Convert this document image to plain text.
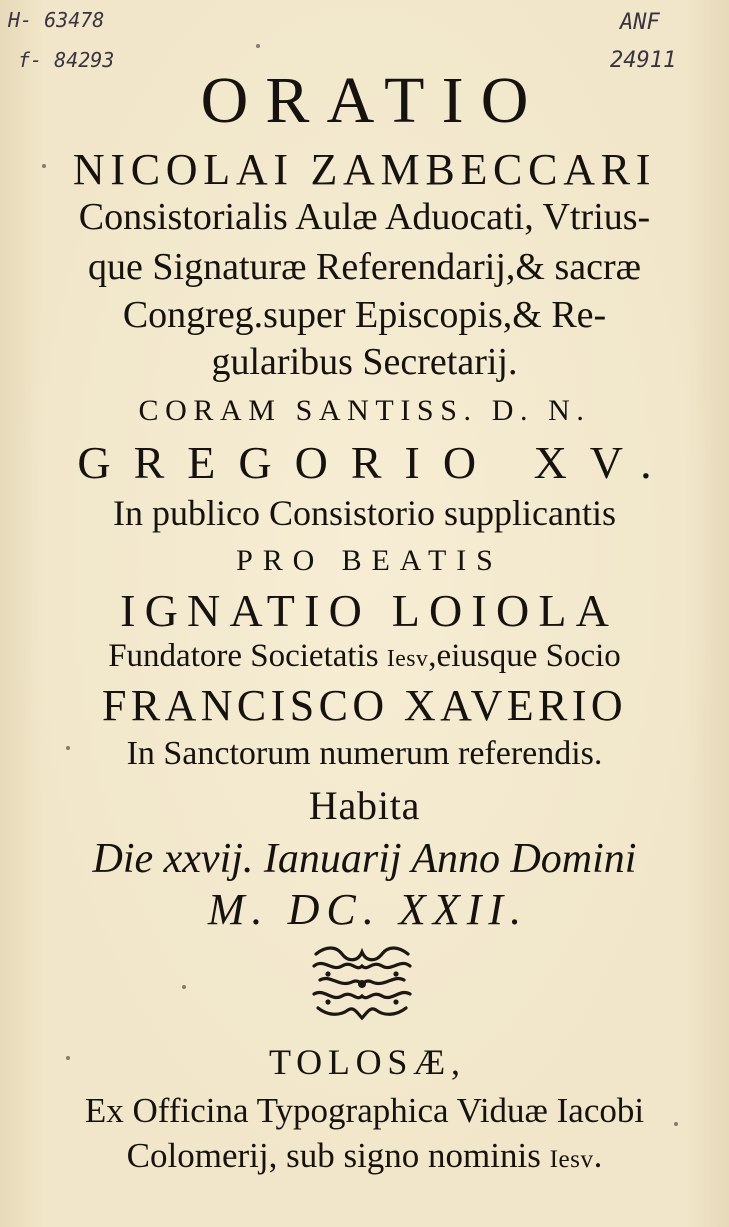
H- 63478
f- 84293
ANF
24911
ORATIO
NICOLAI ZAMBECCARI
Consistorialis Aulæ Aduocati, Vtrius-
que Signaturæ Referendarij,& sacræ
Congreg.super Episcopis,& Re-
gularibus Secretarij.
CORAM SANTISS. D. N.
GREGORIO XV.
In publico Consistorio supplicantis
PRO BEATIS
IGNATIO LOIOLA
Fundatore Societatis Iesv,eiusque Socio
FRANCISCO XAVERIO
In Sanctorum numerum referendis.
Habita
Die xxvij. Ianuarij Anno Domini
M. DC. XXII.
TOLOSÆ,
Ex Officina Typographica Viduæ Iacobi
Colomerij, sub signo nominis Iesv.
